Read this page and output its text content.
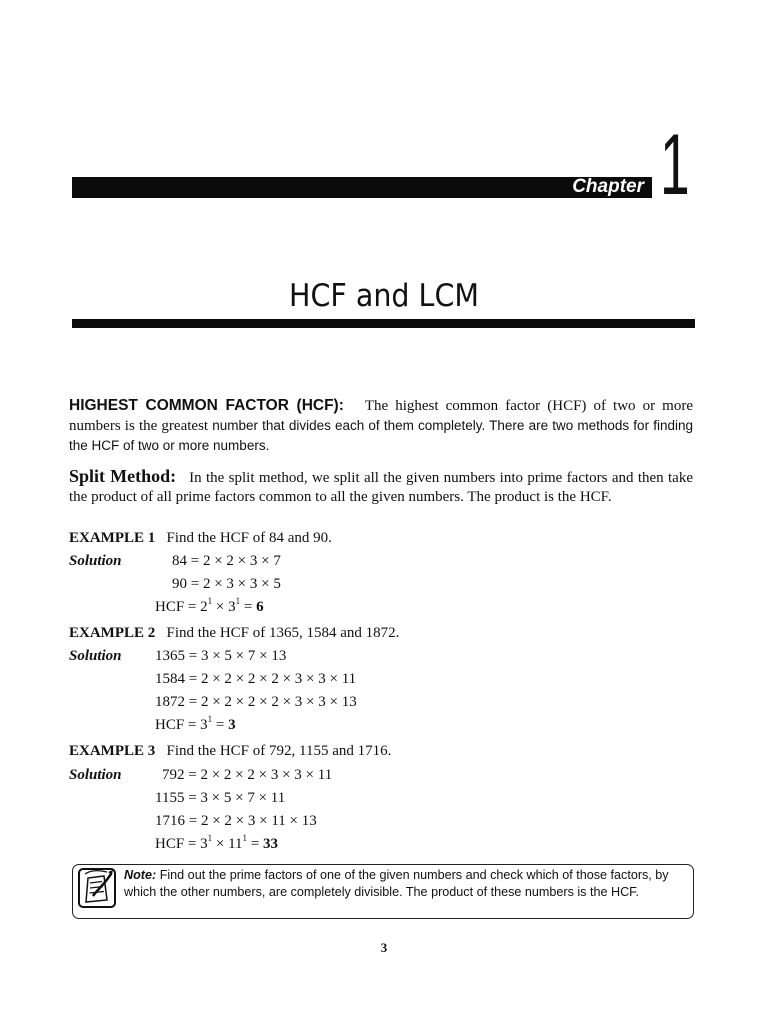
Chapter 1
HCF and LCM
HIGHEST COMMON FACTOR (HCF): The highest common factor (HCF) of two or more numbers is the greatest number that divides each of them completely. There are two methods for finding the HCF of two or more numbers.
Split Method: In the split method, we split all the given numbers into prime factors and then take the product of all prime factors common to all the given numbers. The product is the HCF.
EXAMPLE 1 Find the HCF of 84 and 90.
Solution	84 = 2 × 2 × 3 × 7
90 = 2 × 3 × 3 × 5
HCF = $2^1 \times 3^1 = 6$
EXAMPLE 2 Find the HCF of 1365, 1584 and 1872.
Solution 1365 = 3 × 5 × 7 × 13
1584 = 2 × 2 × 2 × 2 × 3 × 3 × 11
1872 = 2 × 2 × 2 × 2 × 3 × 3 × 13
HCF = $3^1 = 3$
EXAMPLE 3 Find the HCF of 792, 1155 and 1716.
Solution	792 = 2 × 2 × 2 × 3 × 3 × 11
1155 = 3 × 5 × 7 × 11
1716 = 2 × 2 × 3 × 11 × 13
HCF = $3^1 \times 11^1 = 33$
Note: Find out the prime factors of one of the given numbers and check which of those factors, by which the other numbers, are completely divisible. The product of these numbers is the HCF.
3
